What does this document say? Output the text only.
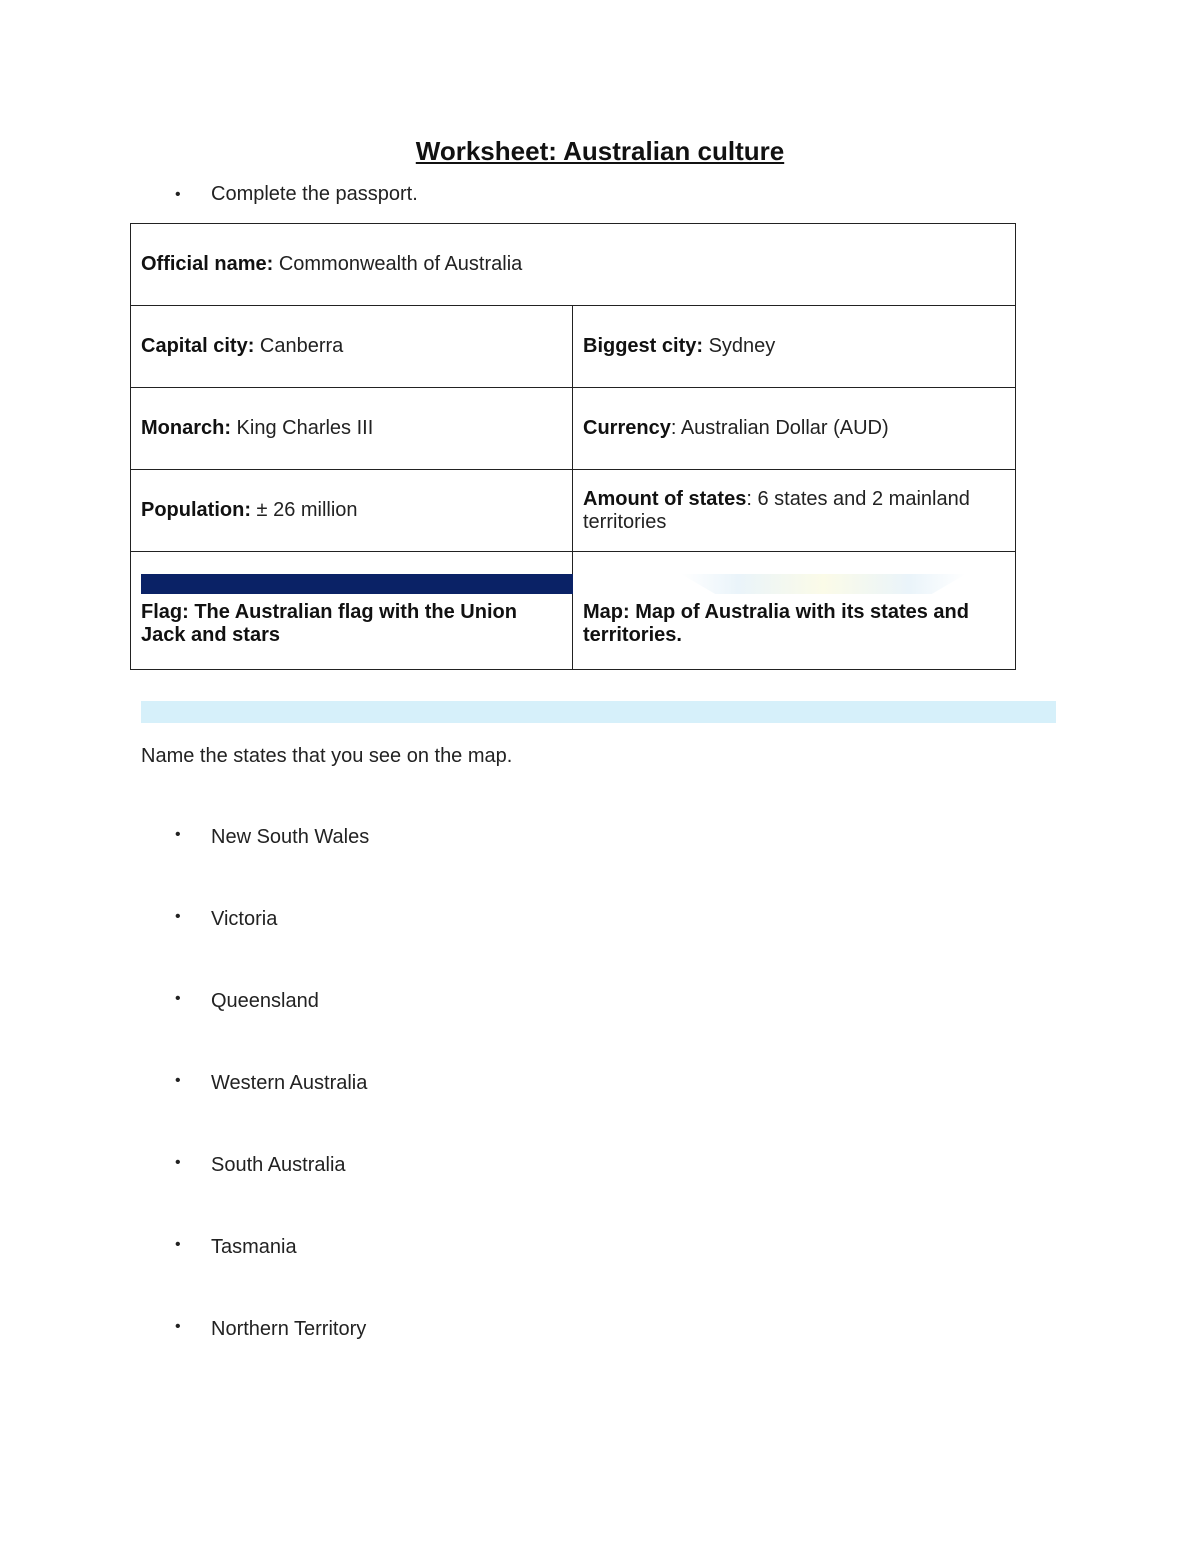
Worksheet: Australian culture
•	Complete the passport.
Official name: Commonwealth of Australia	
Capital city: Canberra	Biggest city: Sydney
Monarch: King Charles III	Currency: Australian Dollar (AUD)
Population: ± 26 million	Amount of states: 6 states and 2 mainland territories

Flag: The Australian flag with the Union Jack and stars	Map: Map of Australia with its states and territories.
Name the states that you see on the map.
•	New South Wales
•	Victoria
•	Queensland
•	Western Australia
•	South Australia
•	Tasmania
•	Northern Territory
